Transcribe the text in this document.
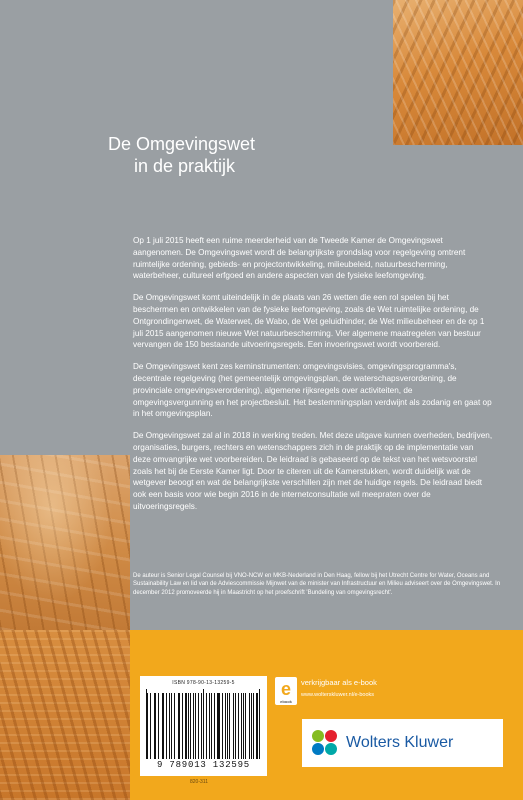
De Omgevingswet
in de praktijk

Op 1 juli 2015 heeft een ruime meerderheid van de Tweede Kamer de Omgevingswet aangenomen. De Omgevingswet wordt de belangrijkste grondslag voor regelgeving omtrent ruimtelijke ordening, gebieds- en projectontwikkeling, milieubeleid, natuurbescherming, waterbeheer, cultureel erfgoed en andere aspecten van de fysieke leefomgeving.

De Omgevingswet komt uiteindelijk in de plaats van 26 wetten die een rol spelen bij het beschermen en ontwikkelen van de fysieke leefomgeving, zoals de Wet ruimtelijke ordening, de Ontgrondingenwet, de Waterwet, de Wabo, de Wet geluidhinder, de Wet milieubeheer en de op 1 juli 2015 aangenomen nieuwe Wet natuurbescherming. Vier algemene maatregelen van bestuur vervangen de 150 bestaande uitvoeringsregels. Een invoeringswet wordt voorbereid.

De Omgevingswet kent zes kerninstrumenten: omgevingsvisies, omgevingsprogramma's, decentrale regelgeving (het gemeentelijk omgevingsplan, de waterschapsverordening, de provinciale omgevingsverordening), algemene rijksregels over activiteiten, de omgevingsvergunning en het projectbesluit. Het bestemmingsplan verdwijnt als zodanig en gaat op in het omgevingsplan.

De Omgevingswet zal al in 2018 in werking treden. Met deze uitgave kunnen overheden, bedrijven, organisaties, burgers, rechters en wetenschappers zich in de praktijk op de implementatie van deze omvangrijke wet voorbereiden. De leidraad is gebaseerd op de tekst van het wetsvoorstel zoals het bij de Eerste Kamer ligt. Door te citeren uit de Kamerstukken, wordt duidelijk wat de wetgever beoogt en wat de belangrijkste verschillen zijn met de huidige regels. De leidraad biedt ook een basis voor wie begin 2016 in de internetconsultatie wil meepraten over de uitvoeringsregels.

De auteur is Senior Legal Counsel bij VNO-NCW en MKB-Nederland in Den Haag, fellow bij het Utrecht Centre for Water, Oceans and Sustainability Law en lid van de Adviescommissie Mijnwet van de minister van Infrastructuur en Milieu adviseert over de Omgevingswet. In december 2012 promoveerde hij in Maastricht op het proefschrift 'Bundeling van omgevingsrecht'.
ISBN 978-90-13-13259-5
9 789013 132595
820-311
e
ebook
verkrijgbaar als e-book
www.wolterskluwer.nl/e-books
Wolters Kluwer
